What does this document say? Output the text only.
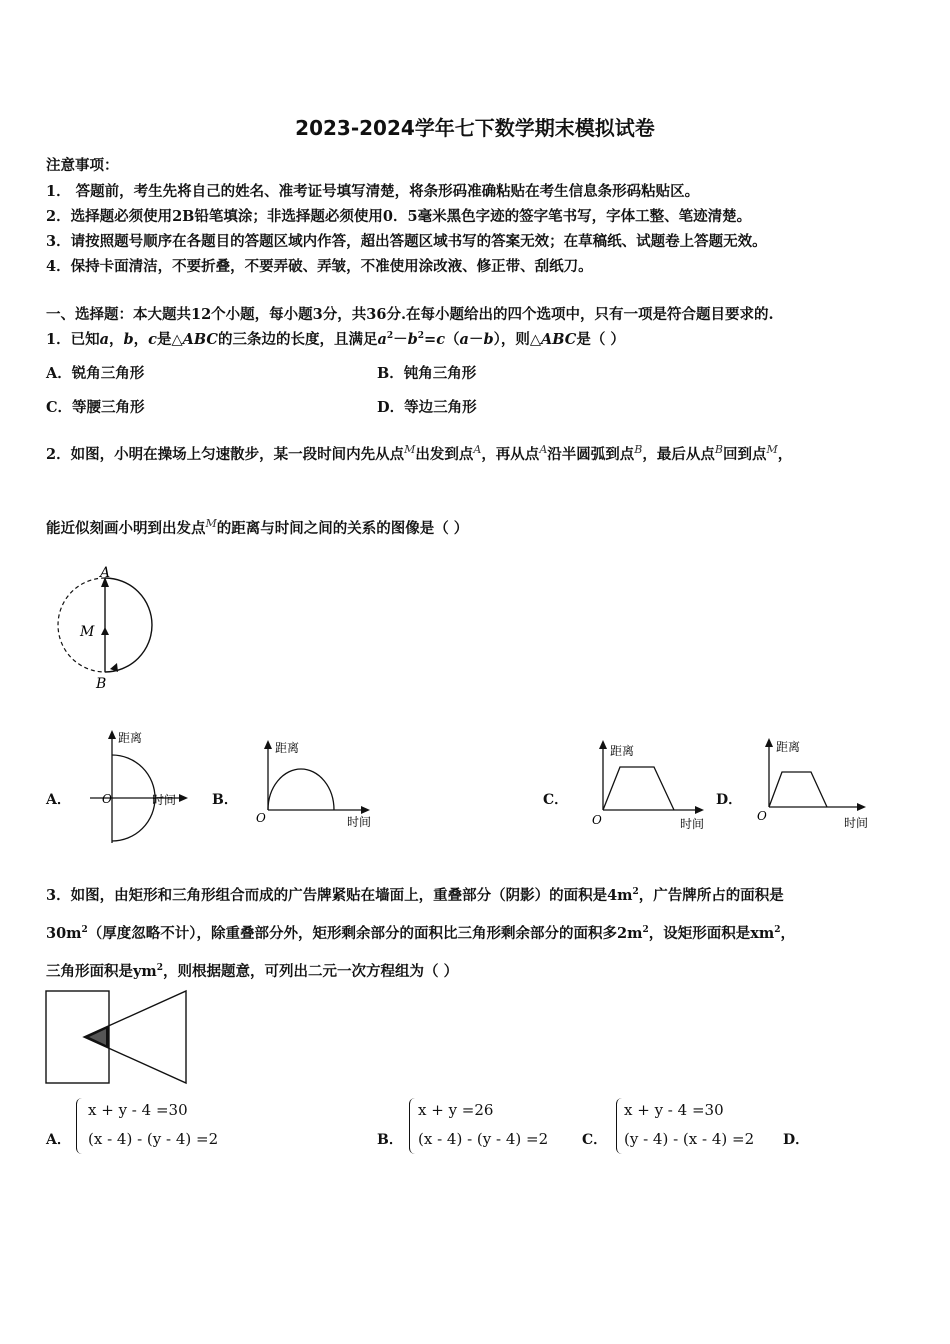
2023-2024学年七下数学期末模拟试卷
注意事项：
1． 答题前，考生先将自己的姓名、准考证号填写清楚，将条形码准确粘贴在考生信息条形码粘贴区。
2．选择题必须使用2B铅笔填涂；非选择题必须使用0．5毫米黑色字迹的签字笔书写，字体工整、笔迹清楚。
3．请按照题号顺序在各题目的答题区域内作答，超出答题区域书写的答案无效；在草稿纸、试题卷上答题无效。
4．保持卡面清洁，不要折叠，不要弄破、弄皱，不准使用涂改液、修正带、刮纸刀。
一、选择题：本大题共12个小题，每小题3分，共36分.在每小题给出的四个选项中，只有一项是符合题目要求的.
1．已知a，b，c是△ABC的三条边的长度，且满足$a^2-b^2=c(a-b)$，则△ABC是（ ）
A．锐角三角形	B．钝角三角形
C．等腰三角形	D．等边三角形
2．如图，小明在操场上匀速散步，某一段时间内先从点$^M$出发到点$^A$，再从点$^A$沿半圆弧到点$^B$，最后从点$^B$回到点$^M$，
能近似刻画小明到出发点$^M$的距离与时间之间的关系的图像是（ ）
A
M
B
A．
距离
O	时间	B．
距离
O	时间
C．
距离
O	时间
D．
距离
O	时间
3．如图，由矩形和三角形组合而成的广告牌紧贴在墙面上，重叠部分（阴影）的面积是$4m^2$，广告牌所占的面积是
$30m^2$（厚度忽略不计），除重叠部分外，矩形剩余部分的面积比三角形剩余部分的面积多$2m^2$，设矩形面积是$xm^2$，
三角形面积是$ym^2$，则根据题意，可列出二元一次方程组为（ ）
A．
x + y - 4 =30
(x - 4) - (y - 4) =2	B．
x + y =26
(x - 4) - (y - 4) =2 C．
x + y - 4 =30
(y - 4) - (x - 4) =2 D．
